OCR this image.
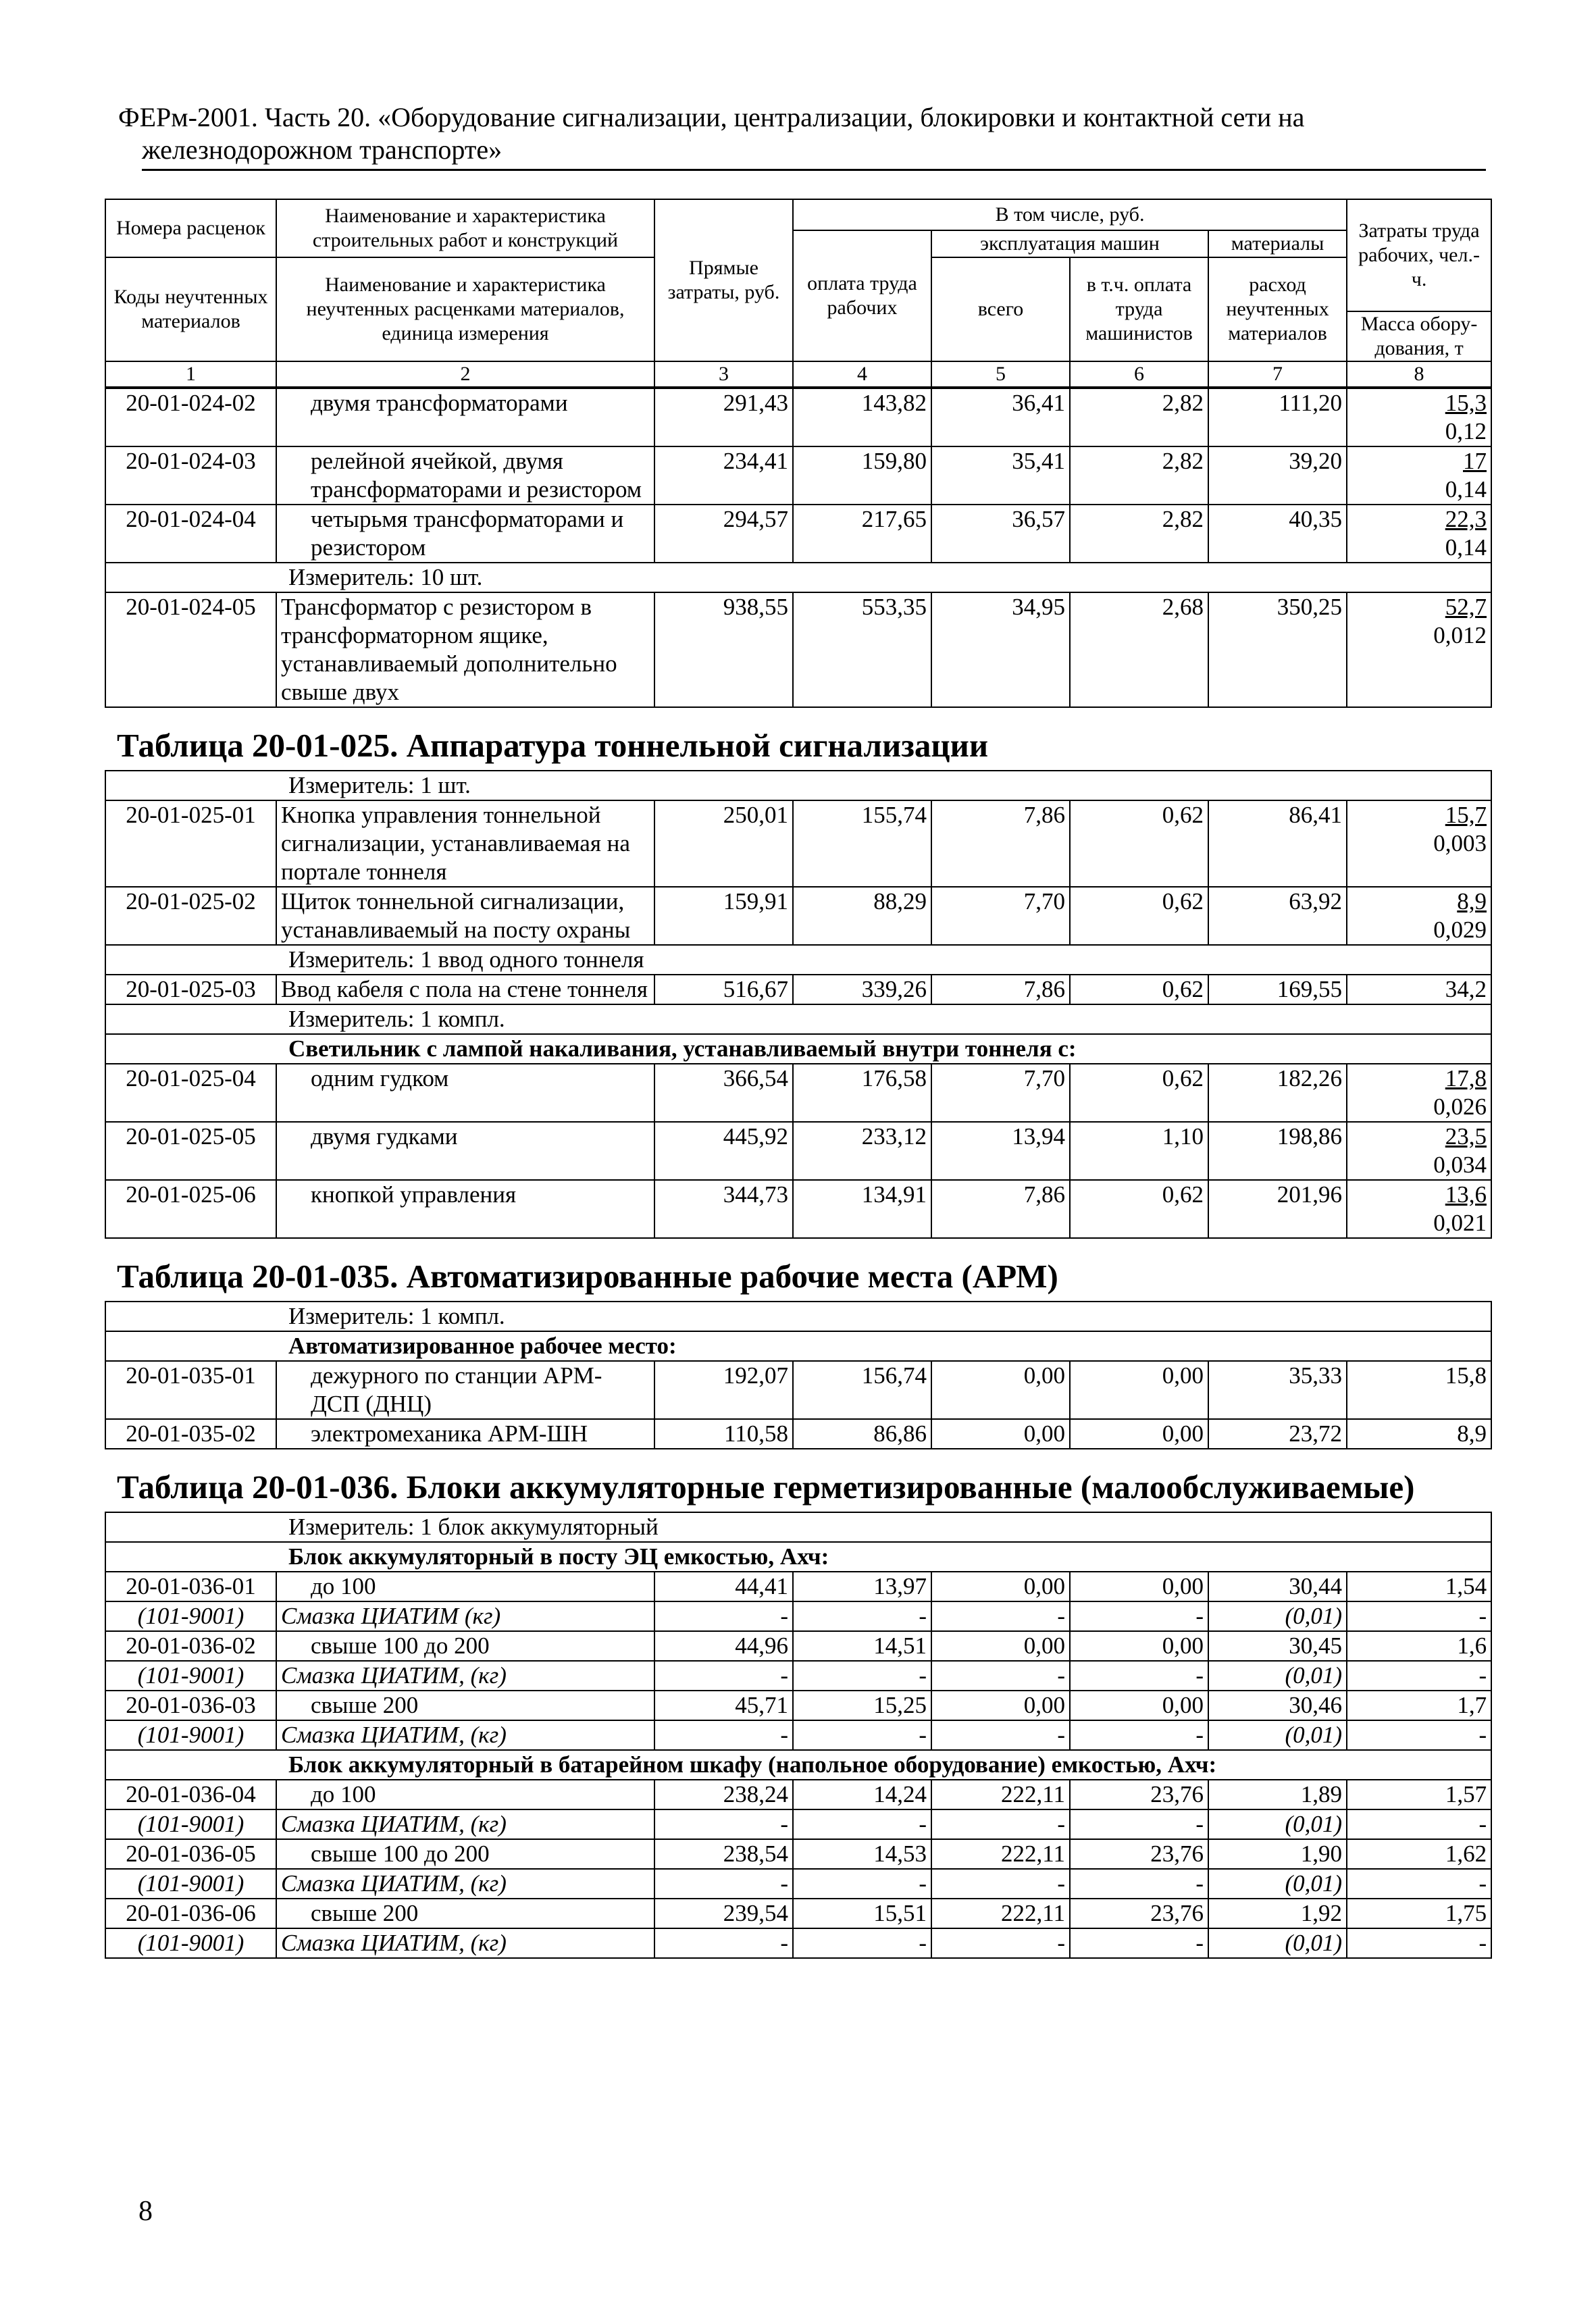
ФЕРм-2001. Часть 20. «Оборудование сигнализации, централизации, блокировки и контактной сети на
железнодорожном транспорте»
Номера расценок	Наименование и характеристика строительных работ и конструкций	Прямые затраты, руб.	В том числе, руб.				Затраты труда рабочих, чел.-ч.
			оплата труда рабочих	эксплуатация машин		материалы	
Коды неучтенных материалов	Наименование и характеристика неучтенных расценками материалов, единица измерения			всего	в т.ч. оплата труда машинистов	расход неучтенных материалов	

							Масса обору-дования, т
1	2	3	4	5	6	7	8
20-01-024-02	двумя трансформаторами	291,43	143,82	36,41	2,82	111,20	15,3
0,12

20-01-024-03	релейной ячейкой, двумя трансформаторами и резистором	234,41	159,80	35,41	2,82	39,20	17
0,14

20-01-024-04	четырьмя трансформаторами и резистором	294,57	217,65	36,57	2,82	40,35	22,3
0,14

Измеритель: 10 шт.							
20-01-024-05	Трансформатор с резистором в трансформаторном ящике, устанавливаемый дополнительно свыше двух	938,55	553,35	34,95	2,68	350,25	52,7
0,012
Таблица 20-01-025. Аппаратура тоннельной сигнализации
Измеритель: 1 шт.							
20-01-025-01	Кнопка управления тоннельной сигнализации, устанавливаемая на портале тоннеля	250,01	155,74	7,86	0,62	86,41	15,7
0,003

20-01-025-02	Щиток тоннельной сигнализации, устанавливаемый на посту охраны	159,91	88,29	7,70	0,62	63,92	8,9
0,029

Измеритель: 1 ввод одного тоннеля							
20-01-025-03	Ввод кабеля с пола на стене тоннеля	516,67	339,26	7,86	0,62	169,55	34,2

Измеритель: 1 компл.							
Светильник с лампой накаливания, устанавливаемый внутри тоннеля с:							
20-01-025-04	одним гудком	366,54	176,58	7,70	0,62	182,26	17,8
0,026

20-01-025-05	двумя гудками	445,92	233,12	13,94	1,10	198,86	23,5
0,034

20-01-025-06	кнопкой управления	344,73	134,91	7,86	0,62	201,96	13,6
0,021
Таблица 20-01-035. Автоматизированные рабочие места (АРМ)
Измеритель: 1 компл.							
Автоматизированное рабочее место:							
20-01-035-01	дежурного по станции АРМ-ДСП (ДНЦ)	192,07	156,74	0,00	0,00	35,33	15,8

20-01-035-02	электромеханика АРМ-ШН	110,58	86,86	0,00	0,00	23,72	8,9
Таблица 20-01-036. Блоки аккумуляторные герметизированные (малообслуживаемые)
Измеритель: 1 блок аккумуляторный							
Блок аккумуляторный в посту ЭЦ емкостью, Ахч:							
20-01-036-01	до 100	44,41	13,97	0,00	0,00	30,44	1,54

(101-9001)	Смазка ЦИАТИМ (кг)	-	-	-	-	(0,01)	-
20-01-036-02	свыше 100 до 200	44,96	14,51	0,00	0,00	30,45	1,6

(101-9001)	Смазка ЦИАТИМ, (кг)	-	-	-	-	(0,01)	-
20-01-036-03	свыше 200	45,71	15,25	0,00	0,00	30,46	1,7

(101-9001)	Смазка ЦИАТИМ, (кг)	-	-	-	-	(0,01)	-
Блок аккумуляторный в батарейном шкафу (напольное оборудование) емкостью, Ахч:							
20-01-036-04	до 100	238,24	14,24	222,11	23,76	1,89	1,57

(101-9001)	Смазка ЦИАТИМ, (кг)	-	-	-	-	(0,01)	-
20-01-036-05	свыше 100 до 200	238,54	14,53	222,11	23,76	1,90	1,62

(101-9001)	Смазка ЦИАТИМ, (кг)	-	-	-	-	(0,01)	-
20-01-036-06	свыше 200	239,54	15,51	222,11	23,76	1,92	1,75

(101-9001)	Смазка ЦИАТИМ, (кг)	-	-	-	-	(0,01)	-
8
